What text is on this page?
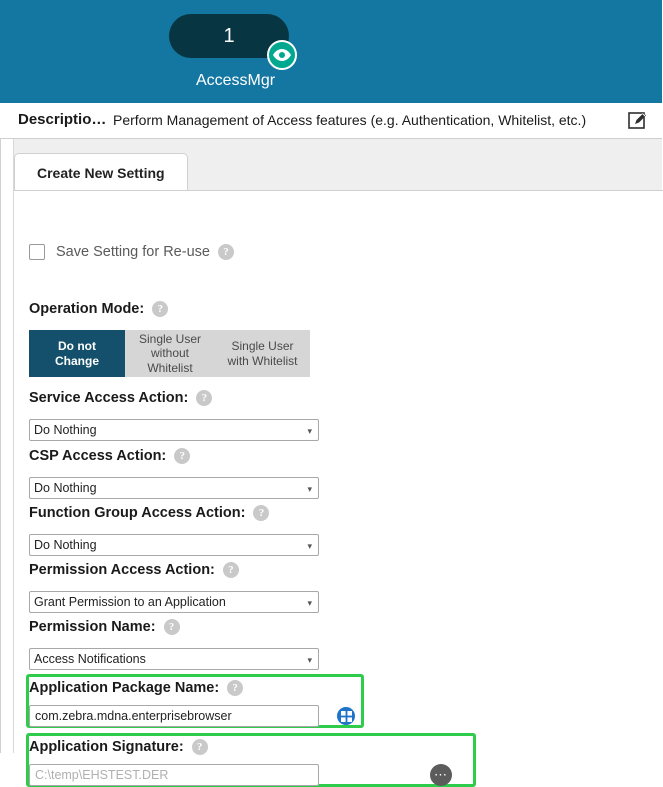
1
AccessMgr
Descriptio… Perform Management of Access features (e.g. Authentication, Whitelist, etc.)
Create New Setting
Save Setting for Re-use	?
Operation Mode: ?
Do not Change
Single User without Whitelist
Single User with Whitelist
Service Access Action: ?
Do Nothing
▾
CSP Access Action: ?
Do Nothing
▾
Function Group Access Action: ?
Do Nothing
▾
Permission Access Action: ?
Grant Permission to an Application
▾
Permission Name: ?
Access Notifications
▾
Application Package Name: ?
com.zebra.mdna.enterprisebrowser
Application Signature: ?
C:\temp\EHSTEST.DER
⋯
